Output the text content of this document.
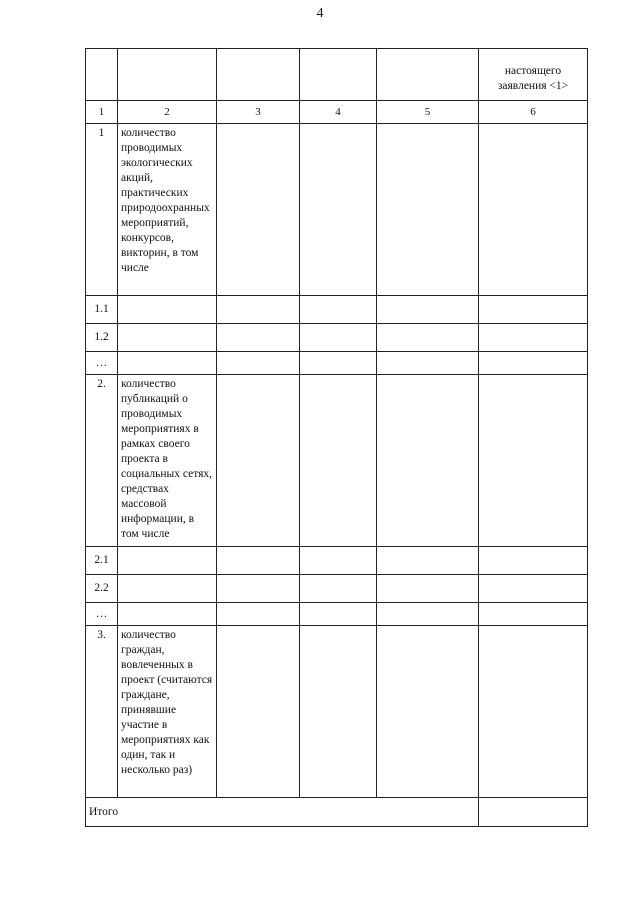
4
					настоящего заявления <1>
1	2	3	4	5	6
1	количество проводимых экологических акций, практических природоохранных мероприятий, конкурсов, викторин, в том числе				
1.1					
1.2					
…					
2.	количество публикаций о проводимых мероприятиях в рамках своего проекта в социальных сетях, средствах массовой информации, в том числе				
2.1					
2.2					
…					
3.	количество граждан, вовлеченных в проект (считаются граждане, принявшие участие в мероприятиях как один, так и несколько раз)				
Итого					
